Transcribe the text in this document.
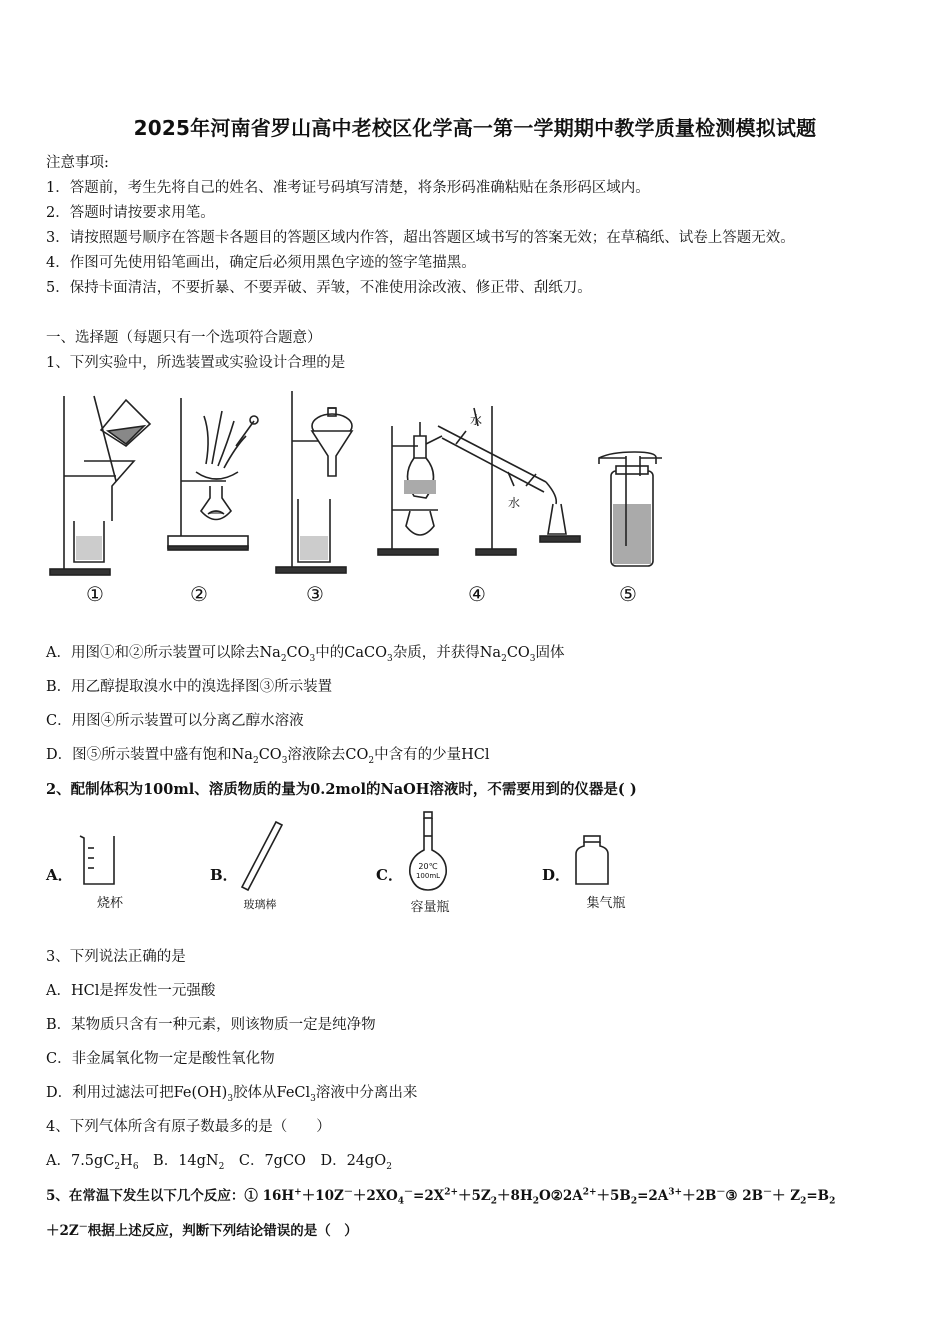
2025年河南省罗山高中老校区化学高一第一学期期中教学质量检测模拟试题
注意事项:
1．答题前，考生先将自己的姓名、准考证号码填写清楚，将条形码准确粘贴在条形码区域内。
2．答题时请按要求用笔。
3．请按照题号顺序在答题卡各题目的答题区域内作答，超出答题区域书写的答案无效；在草稿纸、试卷上答题无效。
4．作图可先使用铅笔画出，确定后必须用黑色字迹的签字笔描黑。
5．保持卡面清洁，不要折暴、不要弄破、弄皱，不准使用涂改液、修正带、刮纸刀。
一、选择题（每题只有一个选项符合题意）
1、下列实验中，所选装置或实验设计合理的是
①	②	③	④	⑤
水
水
A．用图①和②所示装置可以除去$Na_2CO_3$中的CaCO$_3$杂质，并获得$Na_2CO_3$固体
B．用乙醇提取溴水中的溴选择图③所示装置
C．用图④所示装置可以分离乙醇水溶液
D．图⑤所示装置中盛有饱和$Na_2CO_3$溶液除去$CO_2$中含有的少量HCl
2、配制体积为100ml、溶质物质的量为0.2mol的NaOH溶液时，不需要用到的仪器是( )
A．
烧杯
B．
玻璃棒
C．	20℃
100mL
容量瓶
D．
集气瓶
3、下列说法正确的是
A．HCl是挥发性一元强酸
B．某物质只含有一种元素，则该物质一定是纯净物
C．非金属氧化物一定是酸性氧化物
D．利用过滤法可把$Fe(OH)_3$胶体从FeCl$_3$溶液中分离出来
4、下列气体所含有原子数最多的是（　　）
A．$7.5gC_2H_6$　B．$14gN_2$　C．7gCO　D．$24gO_2$
5、在常温下发生以下几个反应：① $16H^++10Z^-+2XO_4^-=2X^{2+}+5Z_2+8H_2O②2A^{2+}+5B_2=2A^{3+}+2B^-③$ $2B^-+ Z_2=B_2$
＋2Z－根据上述反应，判断下列结论错误的是（　）
